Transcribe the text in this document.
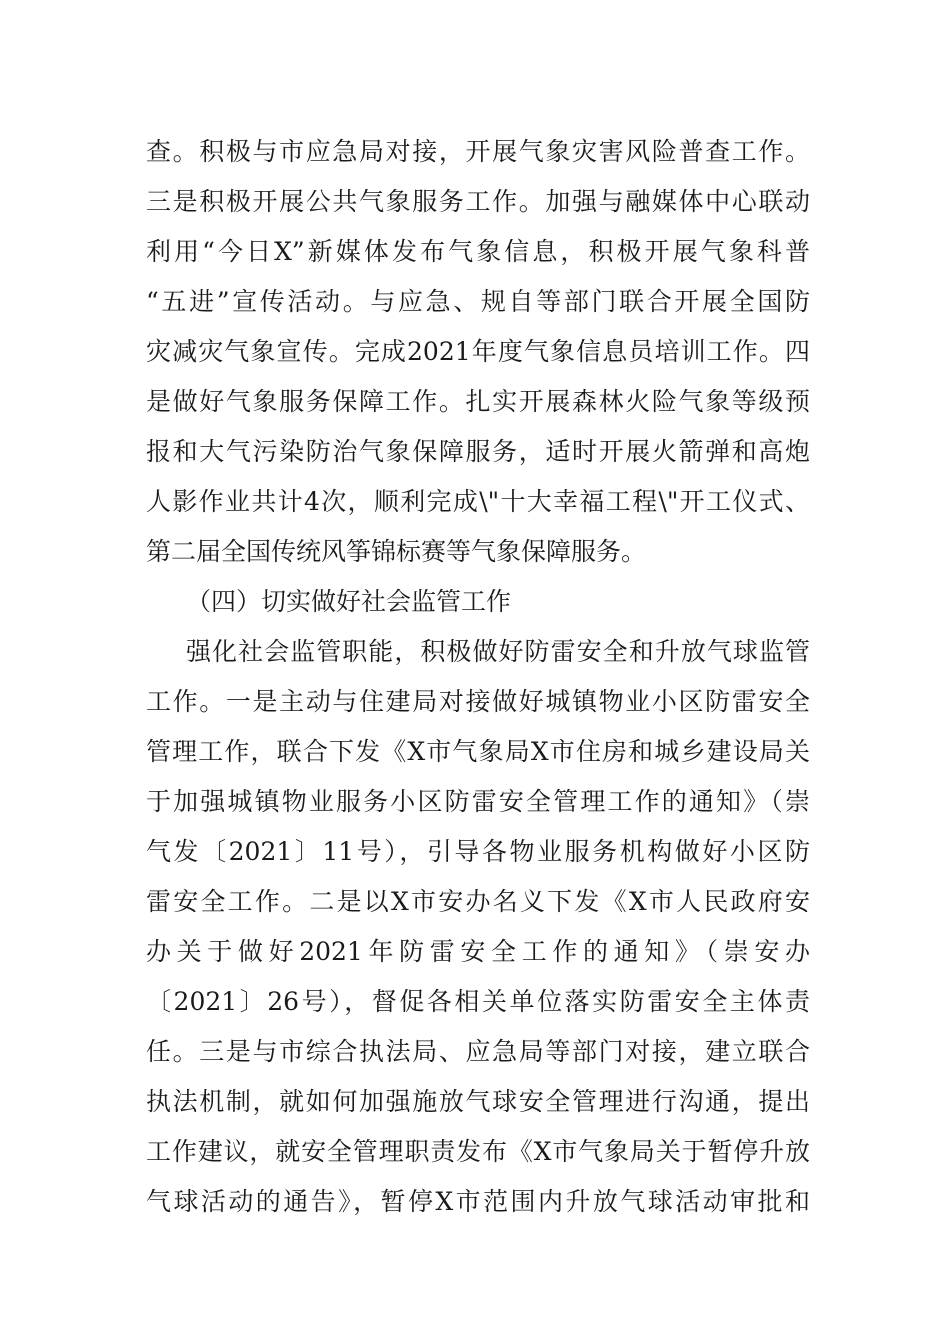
查。积极与市应急局对接，开展气象灾害风险普查工作。
三是积极开展公共气象服务工作。加强与融媒体中心联动
利用“今日X”新媒体发布气象信息，积极开展气象科普
“五进”宣传活动。与应急、规自等部门联合开展全国防
灾减灾气象宣传。完成2021年度气象信息员培训工作。四
是做好气象服务保障工作。扎实开展森林火险气象等级预
报和大气污染防治气象保障服务，适时开展火箭弹和高炮
人影作业共计4次，顺利完成\"十大幸福工程\"开工仪式、
第二届全国传统风筝锦标赛等气象保障服务。
（四）切实做好社会监管工作
强化社会监管职能，积极做好防雷安全和升放气球监管
工作。一是主动与住建局对接做好城镇物业小区防雷安全
管理工作，联合下发《X市气象局X市住房和城乡建设局关
于加强城镇物业服务小区防雷安全管理工作的通知》（崇
气发〔2021〕11号），引导各物业服务机构做好小区防
雷安全工作。二是以X市安办名义下发《X市人民政府安
办关于做好2021年防雷安全工作的通知》（崇安办
〔2021〕26号），督促各相关单位落实防雷安全主体责
任。三是与市综合执法局、应急局等部门对接，建立联合
执法机制，就如何加强施放气球安全管理进行沟通，提出
工作建议，就安全管理职责发布《X市气象局关于暂停升放
气球活动的通告》，暂停X市范围内升放气球活动审批和
